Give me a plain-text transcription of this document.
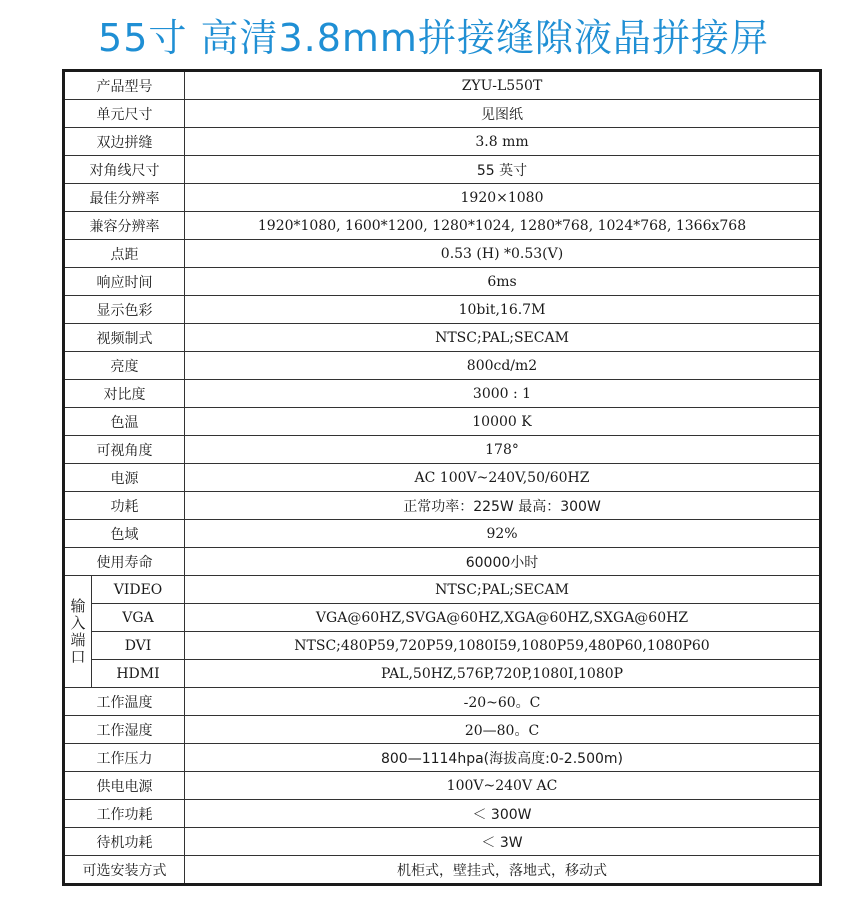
55寸 高清3.8mm拼接缝隙液晶拼接屏
产品型号		ZYU-L550T
单元尺寸		见图纸
双边拼缝		3.8 mm
对角线尺寸		55 英寸
最佳分辨率		1920×1080
兼容分辨率		1920*1080, 1600*1200, 1280*1024, 1280*768, 1024*768, 1366x768
点距		0.53 (H) *0.53(V)
响应时间		6ms
显示色彩		10bit,16.7M
视频制式		NTSC;PAL;SECAM
亮度		800cd/m2
对比度		3000 : 1
色温		10000 K
可视角度		178°
电源		AC 100V~240V,50/60HZ
功耗		正常功率：225W 最高：300W
色域		92%
使用寿命		60000小时
输入端口	VIDEO	NTSC;PAL;SECAM
	VGA	VGA@60HZ,SVGA@60HZ,XGA@60HZ,SXGA@60HZ
	DVI	NTSC;480P59,720P59,1080I59,1080P59,480P60,1080P60
	HDMI	PAL,50HZ,576P,720P,1080I,1080P
工作温度		-20~60。C
工作湿度		20—80。C
工作压力		800—1114hpa(海拔高度:0-2.500m)
供电电源		100V~240V AC
工作功耗		＜ 300W
待机功耗		＜ 3W
可选安装方式		机柜式，壁挂式，落地式，移动式
